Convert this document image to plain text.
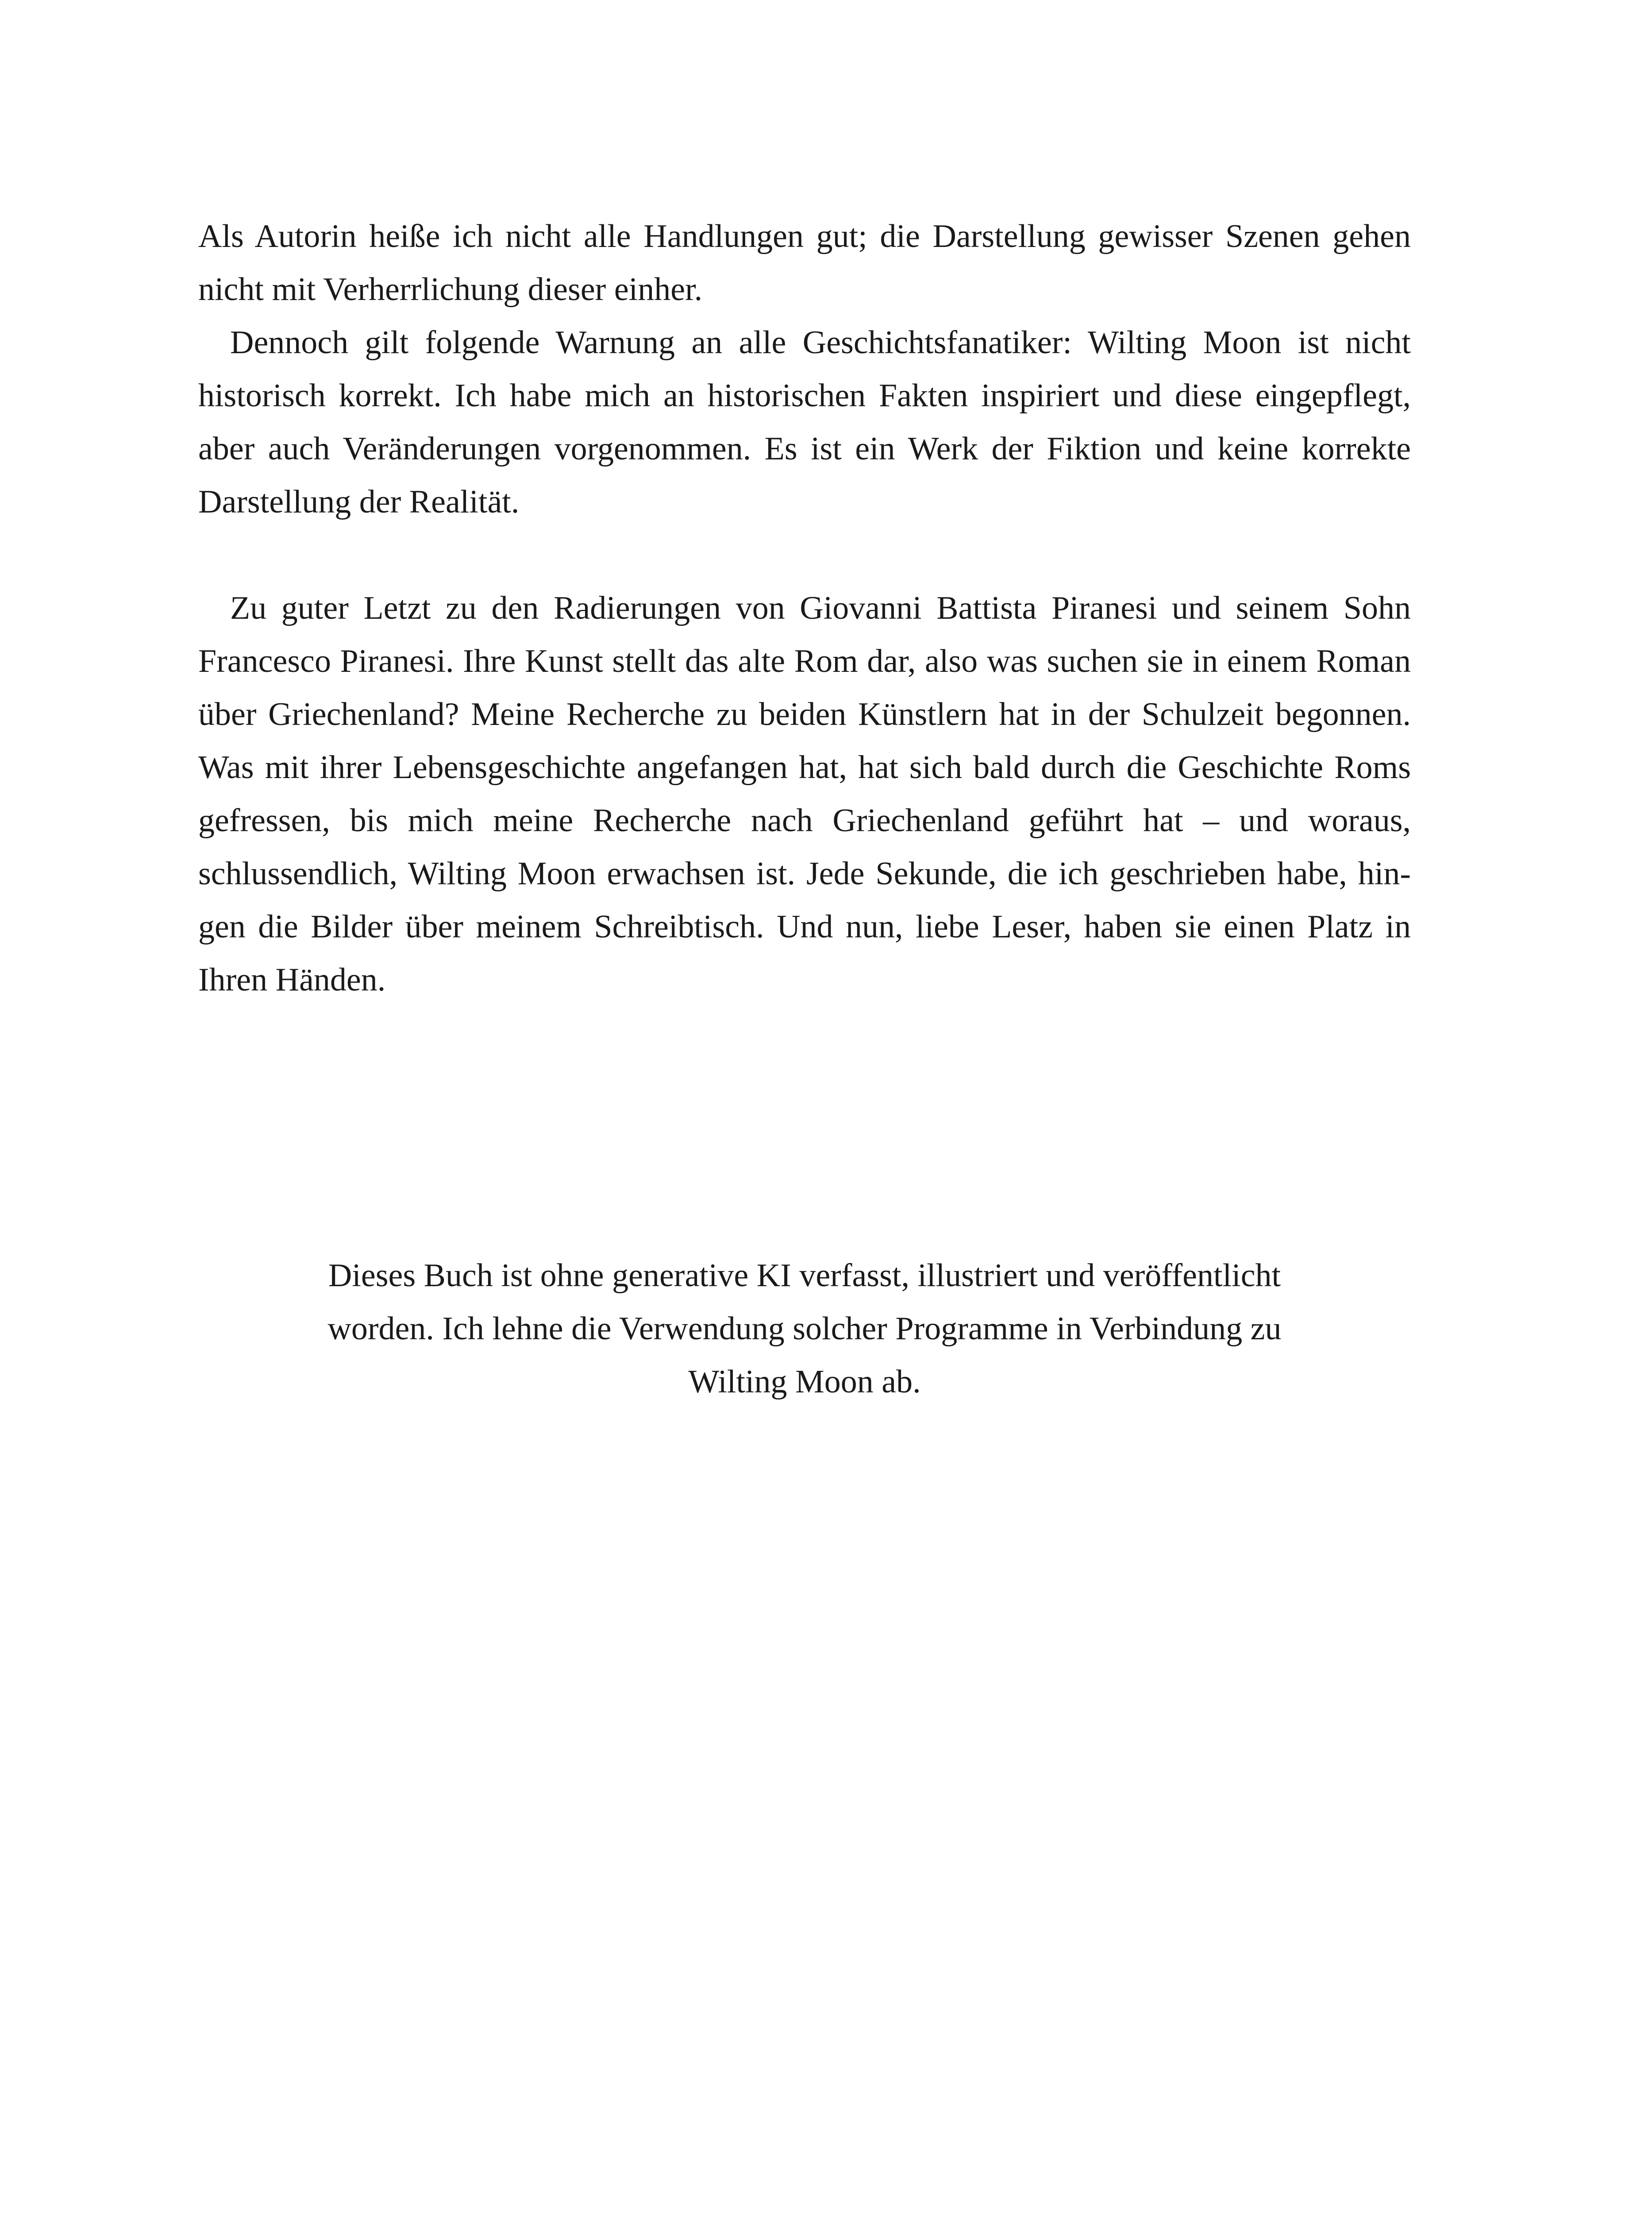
Als Autorin heiße ich nicht alle Handlungen gut; die Darstellung gewisser Szenen gehen nicht mit Verherrlichung dieser einher.

Dennoch gilt folgende Warnung an alle Geschichtsfanatiker: Wilting Moon ist nicht historisch korrekt. Ich habe mich an historischen Fakten inspiriert und diese eingepflegt, aber auch Veränderungen vorgenommen. Es ist ein Werk der Fiktion und keine korrekte Darstellung der Realität.

Zu guter Letzt zu den Radierungen von Giovanni Battista Piranesi und seinem Sohn Francesco Piranesi. Ihre Kunst stellt das alte Rom dar, also was suchen sie in einem Roman über Griechenland? Meine Recherche zu beiden Künstlern hat in der Schulzeit begonnen. Was mit ihrer Lebensgeschichte angefangen hat, hat sich bald durch die Geschichte Roms gefressen, bis mich meine Recherche nach Griechenland geführt hat – und woraus, schlussendlich, Wilting Moon erwachsen ist. Jede Sekunde, die ich geschrieben habe, hingen die Bilder über meinem Schreibtisch. Und nun, liebe Leser, haben sie einen Platz in Ihren Händen.

Dieses Buch ist ohne generative KI verfasst, illustriert und veröffentlicht

worden. Ich lehne die Verwendung solcher Programme in Verbindung zu

Wilting Moon ab.
